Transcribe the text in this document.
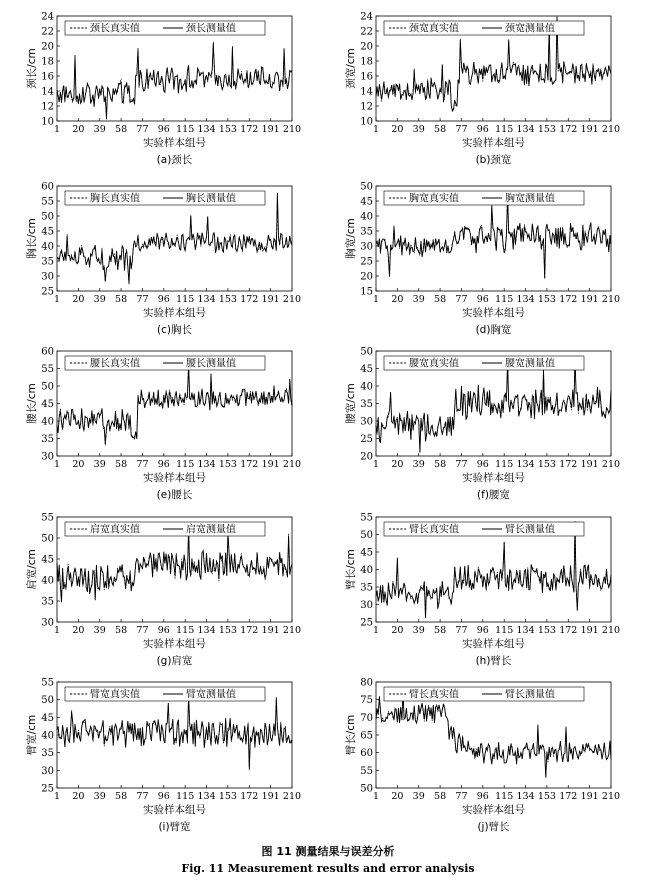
10
12
14
16
18
20
22
24
1 20 39 58 77 96 115 134 153 172 191 210
颈长真实值	颈长测量值
实验样本组号
颈长/cm
(a)颈长
10
12
14
16
18
20
22
24
1 20 39 58 77 96 115 134 153 172 191 210
颈宽真实值	颈宽测量值
实验样本组号
颈宽/cm
(b)颈宽
25
30
35
40
45
50
55
60
1 20 39 58 77 96 115 134 153 172 191 210
胸长真实值	胸长测量值
实验样本组号
胸长/cm
(c)胸长
15
20
25
30
35
40
45
50
1 20 39 58 77 96 115 134 153 172 191 210
胸宽真实值	胸宽测量值
实验样本组号
胸宽/cm
(d)胸宽
30
35
40
45
50
55
60
1 20 39 58 77 96 115 134 153 172 191 210
腰长真实值	腰长测量值
实验样本组号
腰长/cm
(e)腰长
20
25
30
35
40
45
50
1 20 39 58 77 96 115 134 153 172 191 210
腰宽真实值	腰宽测量值
实验样本组号
腰宽/cm
(f)腰宽
30
35
40
45
50
55
1 20 39 58 77 96 115 134 153 172 191 210
肩宽真实值	肩宽测量值
实验样本组号
肩宽/cm
(g)肩宽
25
30
35
40
45
50
55
1 20 39 58 77 96 115 134 153 172 191 210
臂长真实值	臂长测量值
实验样本组号
臂长/cm
(h)臂长
25
30
35
40
45
50
55
1 20 39 58 77 96 115 134 153 172 191 210
臂宽真实值	臂宽测量值
实验样本组号
臂宽/cm
(i)臂宽
50
55
60
65
70
75
80
1 20 39 58 77 96 115 134 153 172 191 210
臂长真实值	臂长测量值
实验样本组号
臂长/cm
(j)臂长
图 11 测量结果与误差分析
Fig. 11 Measurement results and error analysis
